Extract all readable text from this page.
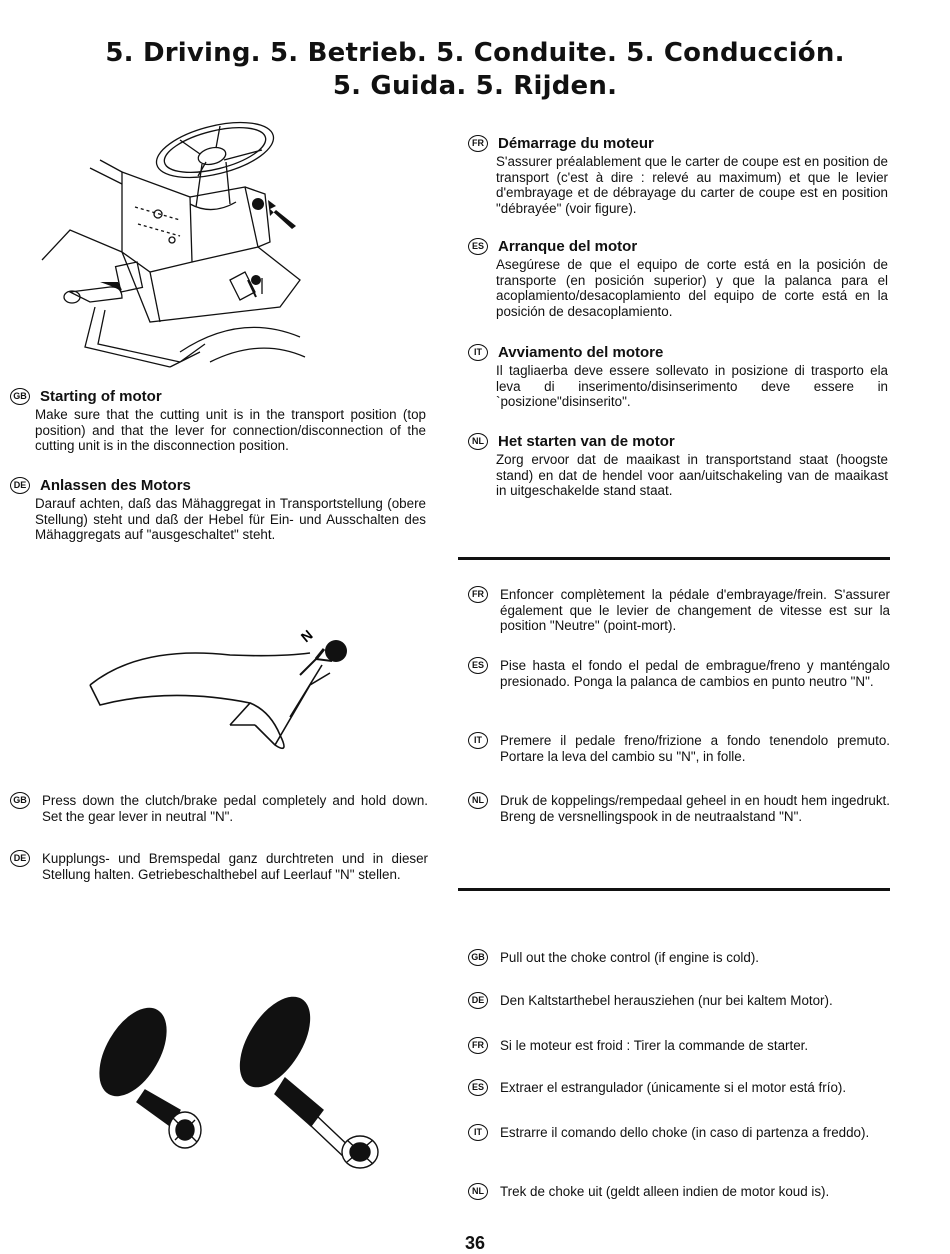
5. Driving. 5. Betrieb. 5. Conduite. 5. Conducción.
5. Guida. 5. Rijden.
GB Starting of motor
Make sure that the cutting unit is in the transport position (top position) and that the lever for connection/disconnection of the cutting unit is in the disconnection position.
DE Anlassen des Motors
Darauf achten, daß das Mähaggregat in Transportstellung (obere Stellung) steht und daß der Hebel für Ein- und Ausschalten des Mähaggregats auf "ausgeschaltet" steht.
FR Démarrage du moteur
S'assurer préalablement que le carter de coupe est en position de transport (c'est à dire : relevé au maximum) et que le levier d'embrayage et de débrayage du carter de coupe est en position "débrayée" (voir figure).
ES Arranque del motor
Asegúrese de que el equipo de corte está en la posición de transporte (en posición superior) y que la palanca para el acoplamiento/desacoplamiento del equipo de corte está en la posición de desacoplamiento.
IT Avviamento del motore
Il tagliaerba deve essere sollevato in posizione di trasporto ela leva di inserimento/disinserimento deve essere in `posizione"disinserito".
NL Het starten van de motor
Zorg ervoor dat de maaikast in transportstand staat (hoogste stand) en dat de hendel voor aan/uitschakeling van de maaikast in uitgeschakelde stand staat.
N
FR Enfoncer complètement la pédale d'embrayage/frein. S'assurer également que le levier de changement de vitesse est sur la position "Neutre" (point-mort).
ES Pise hasta el fondo el pedal de embrague/freno y manténgalo presionado. Ponga la palanca de cambios en punto neutro "N".
IT	Premere il pedale freno/frizione a fondo tenendolo premuto. Portare la leva del cambio su "N", in folle.
NL Druk de koppelings/rempedaal geheel in en houdt hem ingedrukt. Breng de versnellingspook in de neutraalstand "N".
GB Press down the clutch/brake pedal completely and hold down. Set the gear lever in neutral "N".
DE Kupplungs- und Bremspedal ganz durchtreten und in dieser Stellung halten. Getriebeschalthebel auf Leerlauf "N" stellen.
GB Pull out the choke control (if engine is cold).
DE Den Kaltstarthebel herausziehen (nur bei kaltem Motor).
FR Si le moteur est froid : Tirer la commande de starter.
ES Extraer el estrangulador (únicamente si el motor está frío).
IT	Estrarre il comando dello choke (in caso di partenza a freddo).
NL Trek de choke uit (geldt alleen indien de motor koud is).
36
